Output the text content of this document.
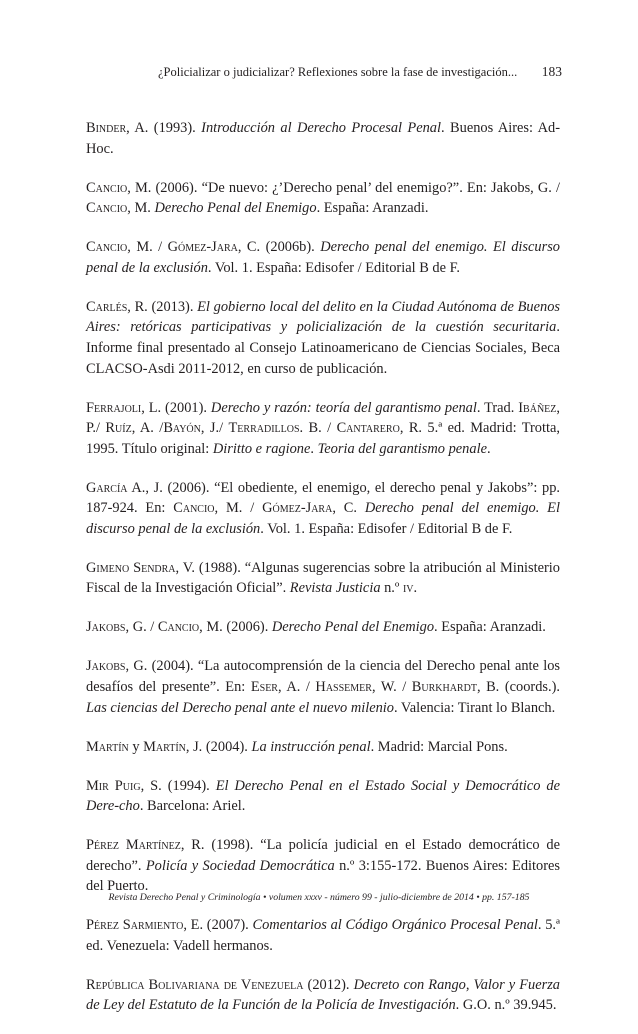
¿Policializar o judicializar? Reflexiones sobre la fase de investigación... 183

Binder, A. (1993). Introducción al Derecho Procesal Penal. Buenos Aires: Ad-Hoc.

Cancio, M. (2006). “De nuevo: ¿’Derecho penal’ del enemigo?”. En: Jakobs, G. / Cancio, M. Derecho Penal del Enemigo. España: Aranzadi.

Cancio, M. / Gómez-Jara, C. (2006b). Derecho penal del enemigo. El discurso penal de la exclusión. Vol. 1. España: Edisofer / Editorial B de F.

Carlés, R. (2013). El gobierno local del delito en la Ciudad Autónoma de Buenos Aires: retóricas participativas y policialización de la cuestión securitaria. Informe final presentado al Consejo Latinoamericano de Ciencias Sociales, Beca CLACSO-Asdi 2011-2012, en curso de publicación.

Ferrajoli, L. (2001). Derecho y razón: teoría del garantismo penal. Trad. Ibáñez, P./ Ruíz, A. /Bayón, J./ Terradillos. B. / Cantarero, R. 5.ª ed. Madrid: Trotta, 1995. Título original: Diritto e ragione. Teoria del garantismo penale.

García A., J. (2006). “El obediente, el enemigo, el derecho penal y Jakobs”: pp. 187-924. En: Cancio, M. / Gómez-Jara, C. Derecho penal del enemigo. El discurso penal de la exclusión. Vol. 1. España: Edisofer / Editorial B de F.

Gimeno Sendra, V. (1988). “Algunas sugerencias sobre la atribución al Ministerio Fiscal de la Investigación Oficial”. Revista Justicia n.º iv.

Jakobs, G. / Cancio, M. (2006). Derecho Penal del Enemigo. España: Aranzadi.

Jakobs, G. (2004). “La autocomprensión de la ciencia del Derecho penal ante los desafíos del presente”. En: Eser, A. / Hassemer, W. / Burkhardt, B. (coords.). Las ciencias del Derecho penal ante el nuevo milenio. Valencia: Tirant lo Blanch.

Martín y Martín, J. (2004). La instrucción penal. Madrid: Marcial Pons.

Mir Puig, S. (1994). El Derecho Penal en el Estado Social y Democrático de Dere-cho. Barcelona: Ariel.

Pérez Martínez, R. (1998). “La policía judicial en el Estado democrático de derecho”. Policía y Sociedad Democrática n.º 3:155-172. Buenos Aires: Editores del Puerto.

Pérez Sarmiento, E. (2007). Comentarios al Código Orgánico Procesal Penal. 5.ª ed. Venezuela: Vadell hermanos.

República Bolivariana de Venezuela (2012). Decreto con Rango, Valor y Fuerza de Ley del Estatuto de la Función de la Policía de Investigación. G.O. n.º 39.945.

Revista Derecho Penal y Criminología • volumen xxxv - número 99 - julio-diciembre de 2014 • pp. 157-185
